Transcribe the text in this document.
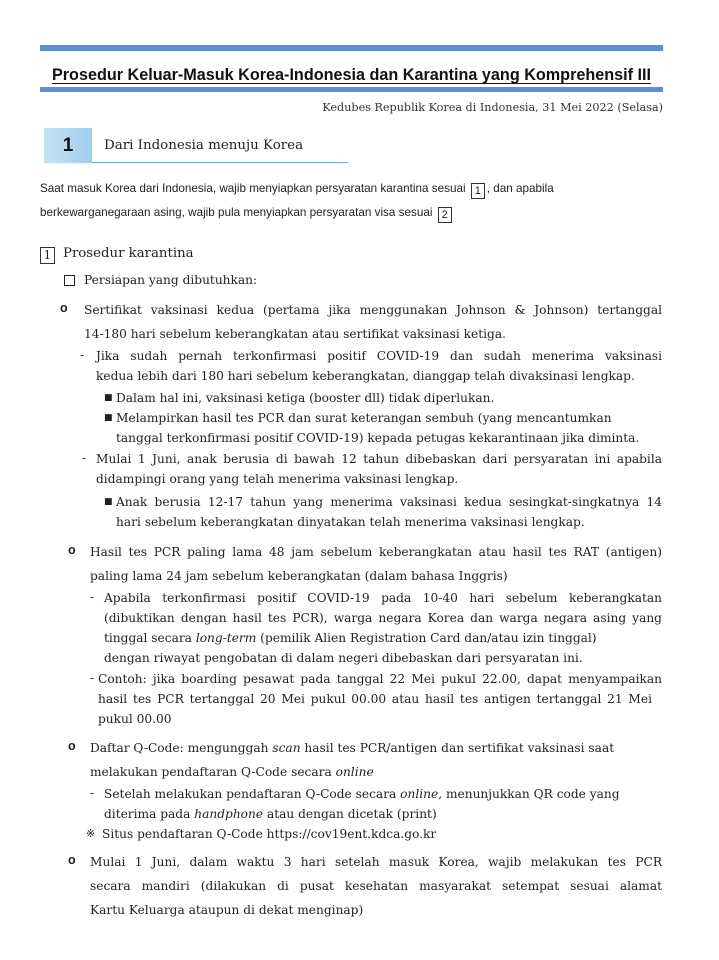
Prosedur Keluar-Masuk Korea-Indonesia dan Karantina yang Komprehensif III
Kedubes Republik Korea di Indonesia, 31 Mei 2022 (Selasa)
1	Dari Indonesia menuju Korea
Saat masuk Korea dari Indonesia, wajib menyiapkan persyaratan karantina sesuai 1 , dan apabila
berkewarganegaraan asing, wajib pula menyiapkan persyaratan visa sesuai 2
1 Prosedur karantina
Persiapan yang dibutuhkan:
o Sertifikat vaksinasi kedua (pertama jika menggunakan Johnson & Johnson) tertanggal
14-180 hari sebelum keberangkatan atau sertifikat vaksinasi ketiga.
- Jika sudah pernah terkonfirmasi positif COVID-19 dan sudah menerima vaksinasi
kedua lebih dari 180 hari sebelum keberangkatan, dianggap telah divaksinasi lengkap.
■ Dalam hal ini, vaksinasi ketiga (booster dll) tidak diperlukan.
■ Melampirkan hasil tes PCR dan surat keterangan sembuh (yang mencantumkan
tanggal terkonfirmasi positif COVID-19) kepada petugas kekarantinaan jika diminta.
- Mulai 1 Juni, anak berusia di bawah 12 tahun dibebaskan dari persyaratan ini apabila
didampingi orang yang telah menerima vaksinasi lengkap.
■ Anak berusia 12-17 tahun yang menerima vaksinasi kedua sesingkat-singkatnya 14
hari sebelum keberangkatan dinyatakan telah menerima vaksinasi lengkap.
o Hasil tes PCR paling lama 48 jam sebelum keberangkatan atau hasil tes RAT (antigen)
paling lama 24 jam sebelum keberangkatan (dalam bahasa Inggris)
- Apabila terkonfirmasi positif COVID-19 pada 10-40 hari sebelum keberangkatan
(dibuktikan dengan hasil tes PCR), warga negara Korea dan warga negara asing yang
tinggal secara long-term (pemilik Alien Registration Card dan/atau izin tinggal)
dengan riwayat pengobatan di dalam negeri dibebaskan dari persyaratan ini.
- Contoh: jika boarding pesawat pada tanggal 22 Mei pukul 22.00, dapat menyampaikan
hasil tes PCR tertanggal 20 Mei pukul 00.00 atau hasil tes antigen tertanggal 21 Mei
pukul 00.00
o Daftar Q-Code: mengunggah scan hasil tes PCR/antigen dan sertifikat vaksinasi saat
melakukan pendaftaran Q-Code secara online
- Setelah melakukan pendaftaran Q-Code secara online, menunjukkan QR code yang
diterima pada handphone atau dengan dicetak (print)
※ Situs pendaftaran Q-Code https://cov19ent.kdca.go.kr
o Mulai 1 Juni, dalam waktu 3 hari setelah masuk Korea, wajib melakukan tes PCR
secara mandiri (dilakukan di pusat kesehatan masyarakat setempat sesuai alamat
Kartu Keluarga ataupun di dekat menginap)
